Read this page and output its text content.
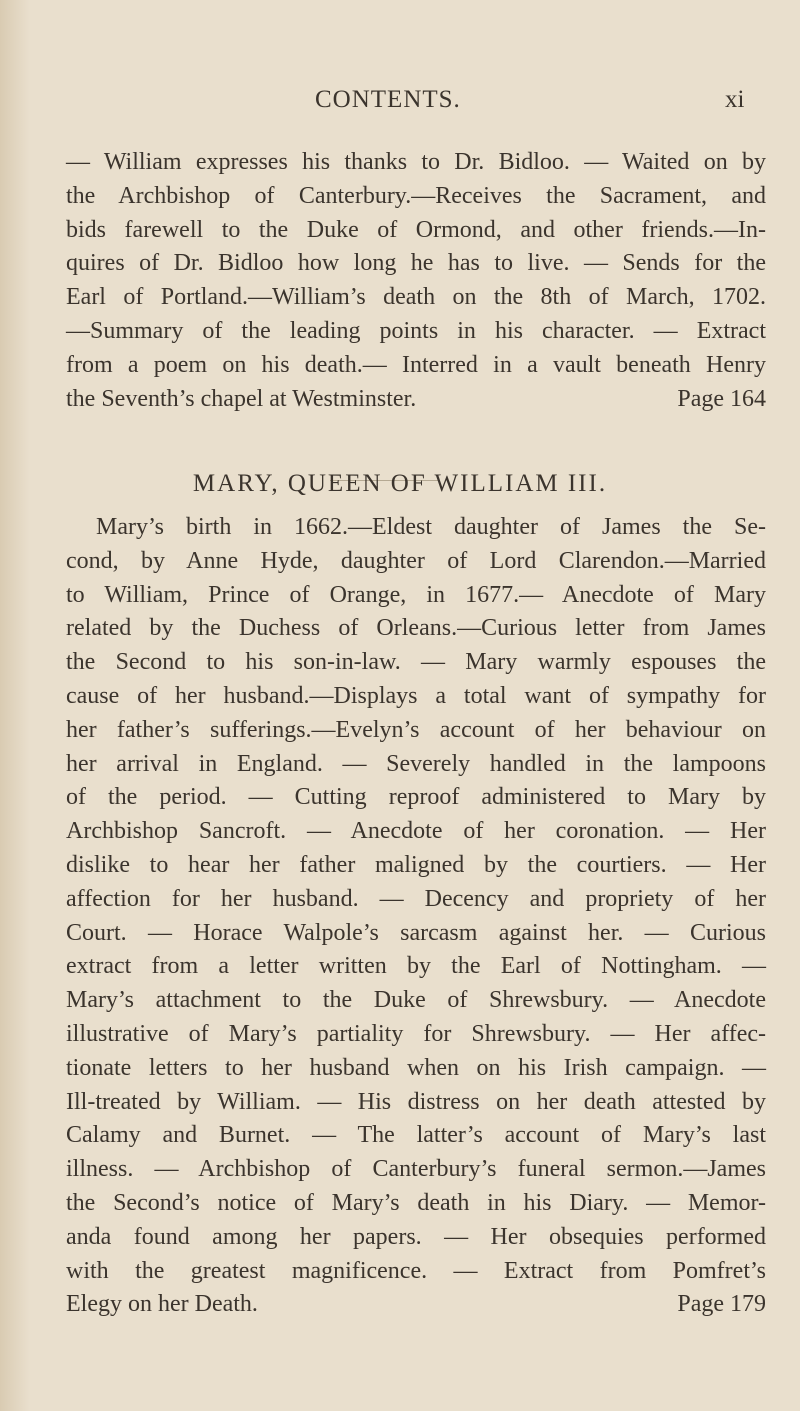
CONTENTS.	xi
— William expresses his thanks to Dr. Bidloo. — Waited on by
the Archbishop of Canterbury.—Receives the Sacrament, and
bids farewell to the Duke of Ormond, and other friends.—In-
quires of Dr. Bidloo how long he has to live. — Sends for the
Earl of Portland.—William’s death on the 8th of March, 1702.
—Summary of the leading points in his character. — Extract
from a poem on his death.— Interred in a vault beneath Henry
the Seventh’s chapel at Westminster.	Page 164
MARY, QUEEN OF WILLIAM III.
Mary’s birth in 1662.—Eldest daughter of James the Se-
cond, by Anne Hyde, daughter of Lord Clarendon.—Married
to William, Prince of Orange, in 1677.— Anecdote of Mary
related by the Duchess of Orleans.—Curious letter from James
the Second to his son-in-law. — Mary warmly espouses the
cause of her husband.—Displays a total want of sympathy for
her father’s sufferings.—Evelyn’s account of her behaviour on
her arrival in England. — Severely handled in the lampoons
of the period. — Cutting reproof administered to Mary by
Archbishop Sancroft. — Anecdote of her coronation. — Her
dislike to hear her father maligned by the courtiers. — Her
affection for her husband. — Decency and propriety of her
Court. — Horace Walpole’s sarcasm against her. — Curious
extract from a letter written by the Earl of Nottingham. —
Mary’s attachment to the Duke of Shrewsbury. — Anecdote
illustrative of Mary’s partiality for Shrewsbury. — Her affec-
tionate letters to her husband when on his Irish campaign. —
Ill-treated by William. — His distress on her death attested by
Calamy and Burnet. — The latter’s account of Mary’s last
illness. — Archbishop of Canterbury’s funeral sermon.—James
the Second’s notice of Mary’s death in his Diary. — Memor-
anda found among her papers. — Her obsequies performed
with the greatest magnificence. — Extract from Pomfret’s
Elegy on her Death.	Page 179
